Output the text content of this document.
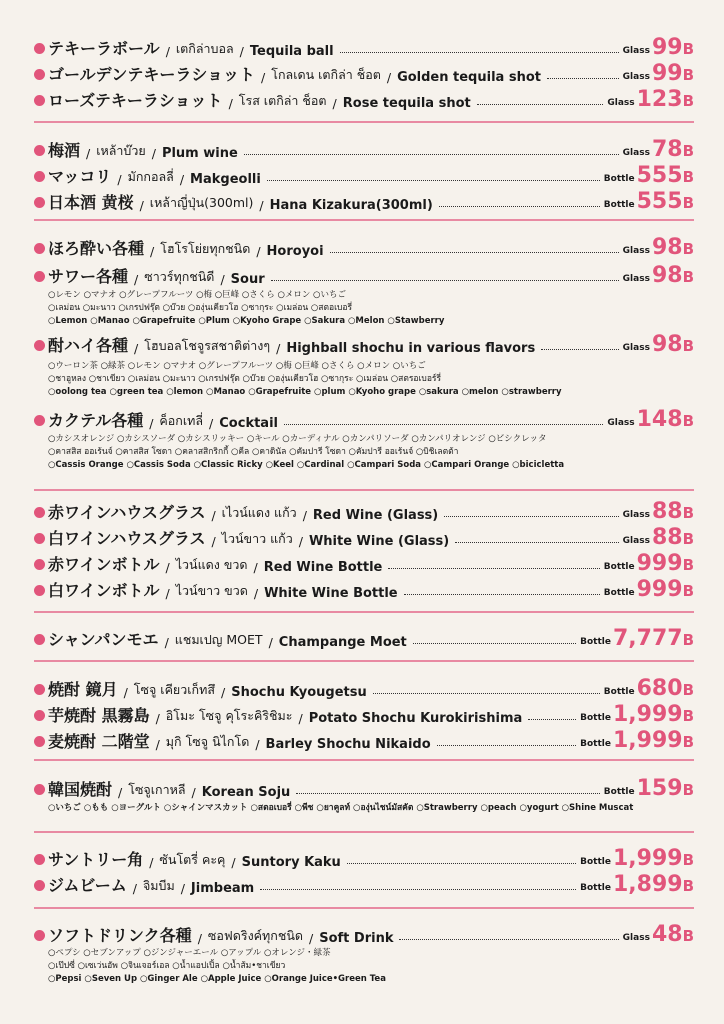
テキーラボール / เตกิล่าบอล / Tequila ball	Glass 99 B
ゴールデンテキーラショット / โกลเดน เตกิล่า ช็อต / Golden tequila shot	Glass 99 B
ローズテキーラショット / โรส เตกิล่า ช็อต / Rose tequila shot	Glass 123 B
梅酒 / เหล้าบ๊วย / Plum wine	Glass 78 B
マッコリ / มักกอลลี่ / Makgeolli	Bottle 555 B
日本酒 黄桜 / เหล้าญี่ปุ่น(300ml) / Hana Kizakura(300ml)	Bottle 555 B
ほろ酔い各種 / โฮโรโย่ยทุกชนิด / Horoyoi	Glass 98 B
サワー各種 / ซาวร์ทุกชนิดี / Sour	Glass 98 B
○レモン ○マナオ ○グレープフルーツ ○梅 ○巨峰 ○さくら ○メロン ○いちご
○เลม่อน ○มะนาว ○เกรปฟรุ๊ต ○บ๊วย ○องุ่นเคียวโฮ ○ซากุระ ○เมล่อน ○สตอเบอรี่
○Lemon ○Manao ○Grapefruite ○Plum ○Kyoho Grape ○Sakura ○Melon ○Stawberry
酎ハイ各種 / โฮบอลโชจูรสชาติต่างๆ / Highball shochu in various flavors	Glass 98 B
○ウーロン茶 ○緑茶 ○レモン ○マナオ ○グレープフルーツ ○梅 ○巨峰 ○さくら ○メロン ○いちご
○ชาอูหลง ○ชาเขียว ○เลม่อน ○มะนาว ○เกรปฟรุ๊ต ○บ๊วย ○องุ่นเคียวโฮ ○ซากุระ ○เมล่อน ○สตรอเบอร์รี่
○oolong tea ○green tea ○lemon ○Manao ○Grapefruite ○plum ○Kyoho grape ○sakura ○melon ○strawberry
カクテル各種 / ค็อกเทลี่ / Cocktail	Glass 148 B
○カシスオレンジ ○カシスソーダ ○カシスリッキー ○キール ○カーディナル ○カンパリソーダ ○カンパリオレンジ ○ビシクレッタ
○คาสสิส ออเร้นจ์ ○คาสสิส โซดา ○คลาสสิกริกกี้ ○คีล ○คาดินัล ○คัมปารี โซดา ○คัมปารี ออเร้นจ์ ○บิชิเลตต้า
○Cassis Orange ○Cassis Soda ○Classic Ricky ○Keel ○Cardinal ○Campari Soda ○Campari Orange ○bicicletta
赤ワインハウスグラス / เไวน์แดง แก้ว / Red Wine (Glass)	Glass 88 B
白ワインハウスグラス / ไวน์ขาว แก้ว / White Wine (Glass)	Glass 88 B
赤ワインボトル / ไวน์แดง ขวด / Red Wine Bottle	Bottle 999 B
白ワインボトル / ไวน์ขาว ขวด / White Wine Bottle	Bottle 999 B
シャンパンモエ / แชมเปญ MOET / Champange Moet	Bottle 7,777 B
焼酎 鏡月 / โซจู เคียวเก็ทสึ / Shochu Kyougetsu	Bottle 680 B
芋焼酎 黒霧島 / อิโมะ โซจู คุโระคิริชิมะ / Potato Shochu Kurokirishima	Bottle 1,999 B
麦焼酎 二階堂 / มุกิ โซจู นิไกโด / Barley Shochu Nikaido	Bottle 1,999 B
韓国焼酎 / โซจูเกาหลี / Korean Soju	Bottle 159 B
○いちご ○もも ○ヨーグルト ○シャインマスカット ○สตอเบอรี่ ○พีช ○ยาคูลท์ ○องุ่นไชน์มัสคัต ○Strawberry ○peach ○yogurt ○Shine Muscat
サントリー角 / ซันโตรี่ คะคุ / Suntory Kaku	Bottle 1,999 B
ジムビーム / จิมบีม / Jimbeam	Bottle 1,899 B
ソフトドリンク各種 / ซอฟดริงค์ทุกชนิด / Soft Drink	Glass 48 B
○ペプシ ○セブンアップ ○ジンジャーエール ○アップル ○オレンジ・緑茶
○เป๊ปซี่ ○เซเว่นอัพ ○จินเจอร์เอล ○น้ำแอปเปิ้ล ○น้ำส้ม•ชาเขียว
○Pepsi ○Seven Up ○Ginger Ale ○Apple Juice ○Orange Juice•Green Tea
